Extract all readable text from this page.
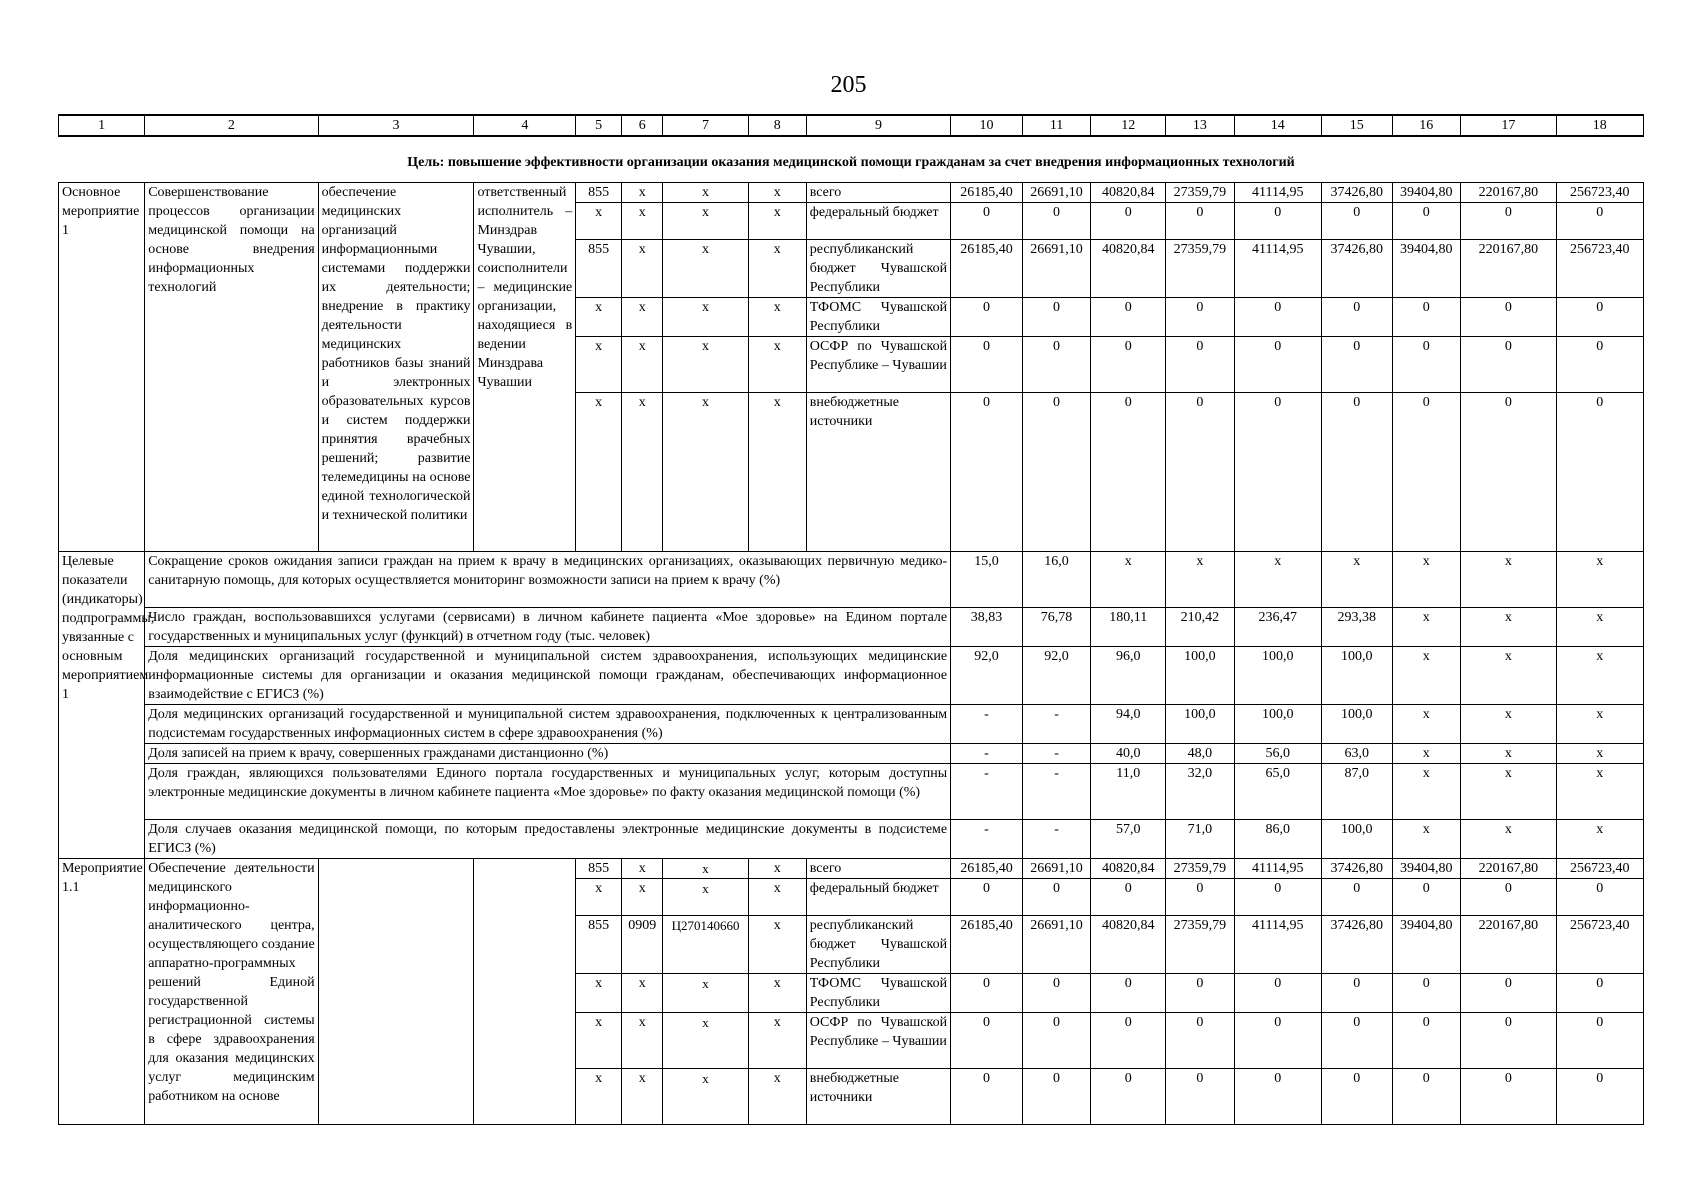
205
1	2	3	4	5	6	7	8	9	10	11	12	13	14	15	16	17	18
Цель: повышение эффективности организации оказания медицинской помощи гражданам за счет внедрения информационных технологий																	
Основное мероприятие 1	Совершенствование процессов организации медицинской помощи на основе внедрения информационных технологий	обеспечение медицинских организаций информационными системами поддержки их деятельности; внедрение в практику деятельности медицинских работников базы знаний и электронных образовательных курсов и систем поддержки принятия врачебных решений; развитие телемедицины на основе единой технологической и технической политики	ответственный исполнитель – Минздрав Чувашии, соисполнители – медицинские организации, находящиеся в ведении Минздрава Чувашии	855	x	x	x	всего	26185,40	26691,10	40820,84	27359,79	41114,95	37426,80	39404,80	220167,80	256723,40
				x	x	x	x	федеральный бюджет	0	0	0	0	0	0	0	0	0
				855	x	x	x	республиканский бюджет Чувашской Республики	26185,40	26691,10	40820,84	27359,79	41114,95	37426,80	39404,80	220167,80	256723,40
				x	x	x	x	ТФОМС Чувашской Республики	0	0	0	0	0	0	0	0	0
				x	x	x	x	ОСФР по Чувашской Республике – Чувашии	0	0	0	0	0	0	0	0	0
				x	x	x	x	внебюджетные источники	0	0	0	0	0	0	0	0	0
Целевые показатели (индикаторы) подпрограммы, увязанные с основным мероприятием 1	Сокращение сроков ожидания записи граждан на прием к врачу в медицинских организациях, оказывающих первичную медико-санитарную помощь, для которых осуществляется мониторинг возможности записи на прием к врачу (%)								15,0	16,0	x	x	x	x	x	x	x
	Число граждан, воспользовавшихся услугами (сервисами) в личном кабинете пациента «Мое здоровье» на Едином портале государственных и муниципальных услуг (функций) в отчетном году (тыс. человек)								38,83	76,78	180,11	210,42	236,47	293,38	x	x	x
	Доля медицинских организаций государственной и муниципальной систем здравоохранения, использующих медицинские информационные системы для организации и оказания медицинской помощи гражданам, обеспечивающих информационное взаимодействие с ЕГИСЗ (%)								92,0	92,0	96,0	100,0	100,0	100,0	x	x	x
	Доля медицинских организаций государственной и муниципальной систем здравоохранения, подключенных к централизованным подсистемам государственных информационных систем в сфере здравоохранения (%)								-	-	94,0	100,0	100,0	100,0	x	x	x
	Доля записей на прием к врачу, совершенных гражданами дистанционно (%)								-	-	40,0	48,0	56,0	63,0	x	x	x
	Доля граждан, являющихся пользователями Единого портала государственных и муниципальных услуг, которым доступны электронные медицинские документы в личном кабинете пациента «Мое здоровье» по факту оказания медицинской помощи (%)								-	-	11,0	32,0	65,0	87,0	x	x	x
	Доля случаев оказания медицинской помощи, по которым предоставлены электронные медицинские документы в подсистеме ЕГИСЗ (%)								-	-	57,0	71,0	86,0	100,0	x	x	x
Мероприятие 1.1	Обеспечение деятельности медицинского информационно-аналитического центра, осуществляющего создание аппаратно-программных решений Единой государственной регистрационной системы в сфере здравоохранения для оказания медицинских услуг медицинским работником на основе			855	x	x	x	всего	26185,40	26691,10	40820,84	27359,79	41114,95	37426,80	39404,80	220167,80	256723,40
				x	x	x	x	федеральный бюджет	0	0	0	0	0	0	0	0	0
				855	0909	Ц270140660	x	республиканский бюджет Чувашской Республики	26185,40	26691,10	40820,84	27359,79	41114,95	37426,80	39404,80	220167,80	256723,40
				x	x	x	x	ТФОМС Чувашской Республики	0	0	0	0	0	0	0	0	0
				x	x	x	x	ОСФР по Чувашской Республике – Чувашии	0	0	0	0	0	0	0	0	0
				x	x	x	x	внебюджетные источники	0	0	0	0	0	0	0	0	0
